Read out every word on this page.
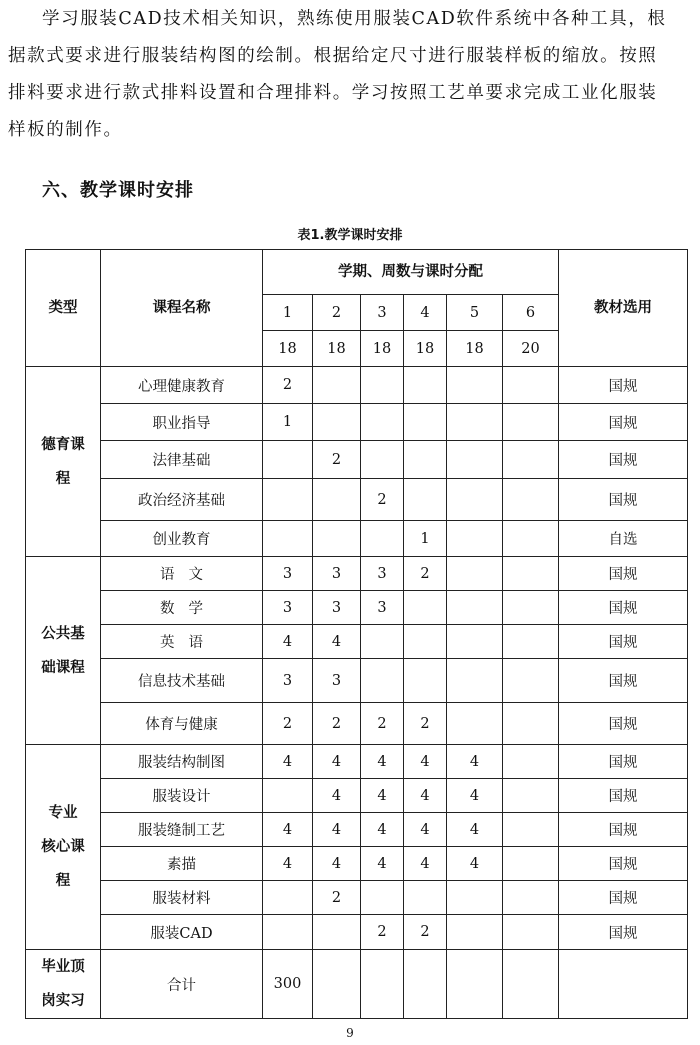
学习服装CAD技术相关知识，熟练使用服装CAD软件系统中各种工具，根
据款式要求进行服装结构图的绘制。根据给定尺寸进行服装样板的缩放。按照
排料要求进行款式排料设置和合理排料。学习按照工艺单要求完成工业化服装
样板的制作。
六、教学课时安排
表1.教学课时安排
类型	课程名称	学期、周数与课时分配						教材选用
		1	2	3	4	5	6	
		18	18	18	18	18	20	

德育课
程	心理健康教育	2						国规
	职业指导	1						国规
	法律基础		2					国规
	政治经济基础			2				国规
	创业教育				1			自选

公共基
础课程	语文	3	3	3	2			国规
	数学	3	3	3				国规
	英语	4	4					国规
	信息技术基础	3	3					国规
	体育与健康	2	2	2	2			国规

专业
核心课
程	服装结构制图	4	4	4	4	4		国规
	服装设计		4	4	4	4		国规
	服装缝制工艺	4	4	4	4	4		国规
	素描	4	4	4	4	4		国规
	服装材料		2					国规
	服装CAD			2	2			国规

毕业顶
岗实习	合计	300						
9
